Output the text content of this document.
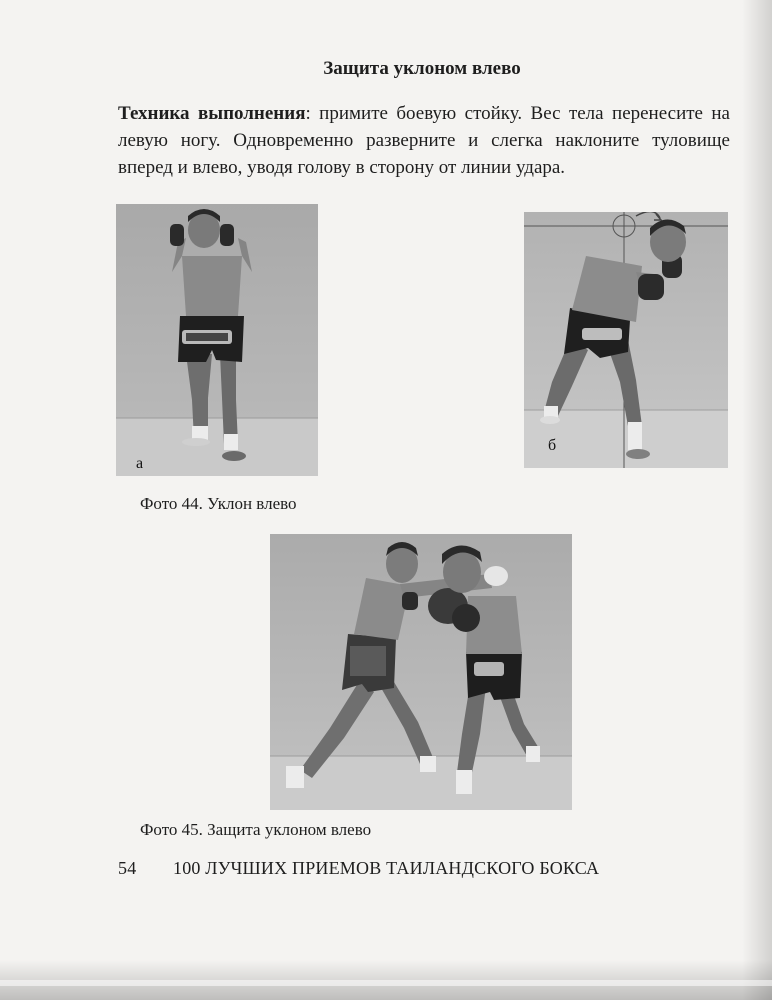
Защита уклоном влево
Техника выполнения: примите боевую стойку. Вес тела перенесите на левую ногу. Одновременно разверните и слегка наклоните туловище вперед и влево, уводя голову в сторону от линии удара.
а
б
Фото 44. Уклон влево
Фото 45. Защита уклоном влево
54 100 ЛУЧШИХ ПРИЕМОВ ТАИЛАНДСКОГО БОКСА
